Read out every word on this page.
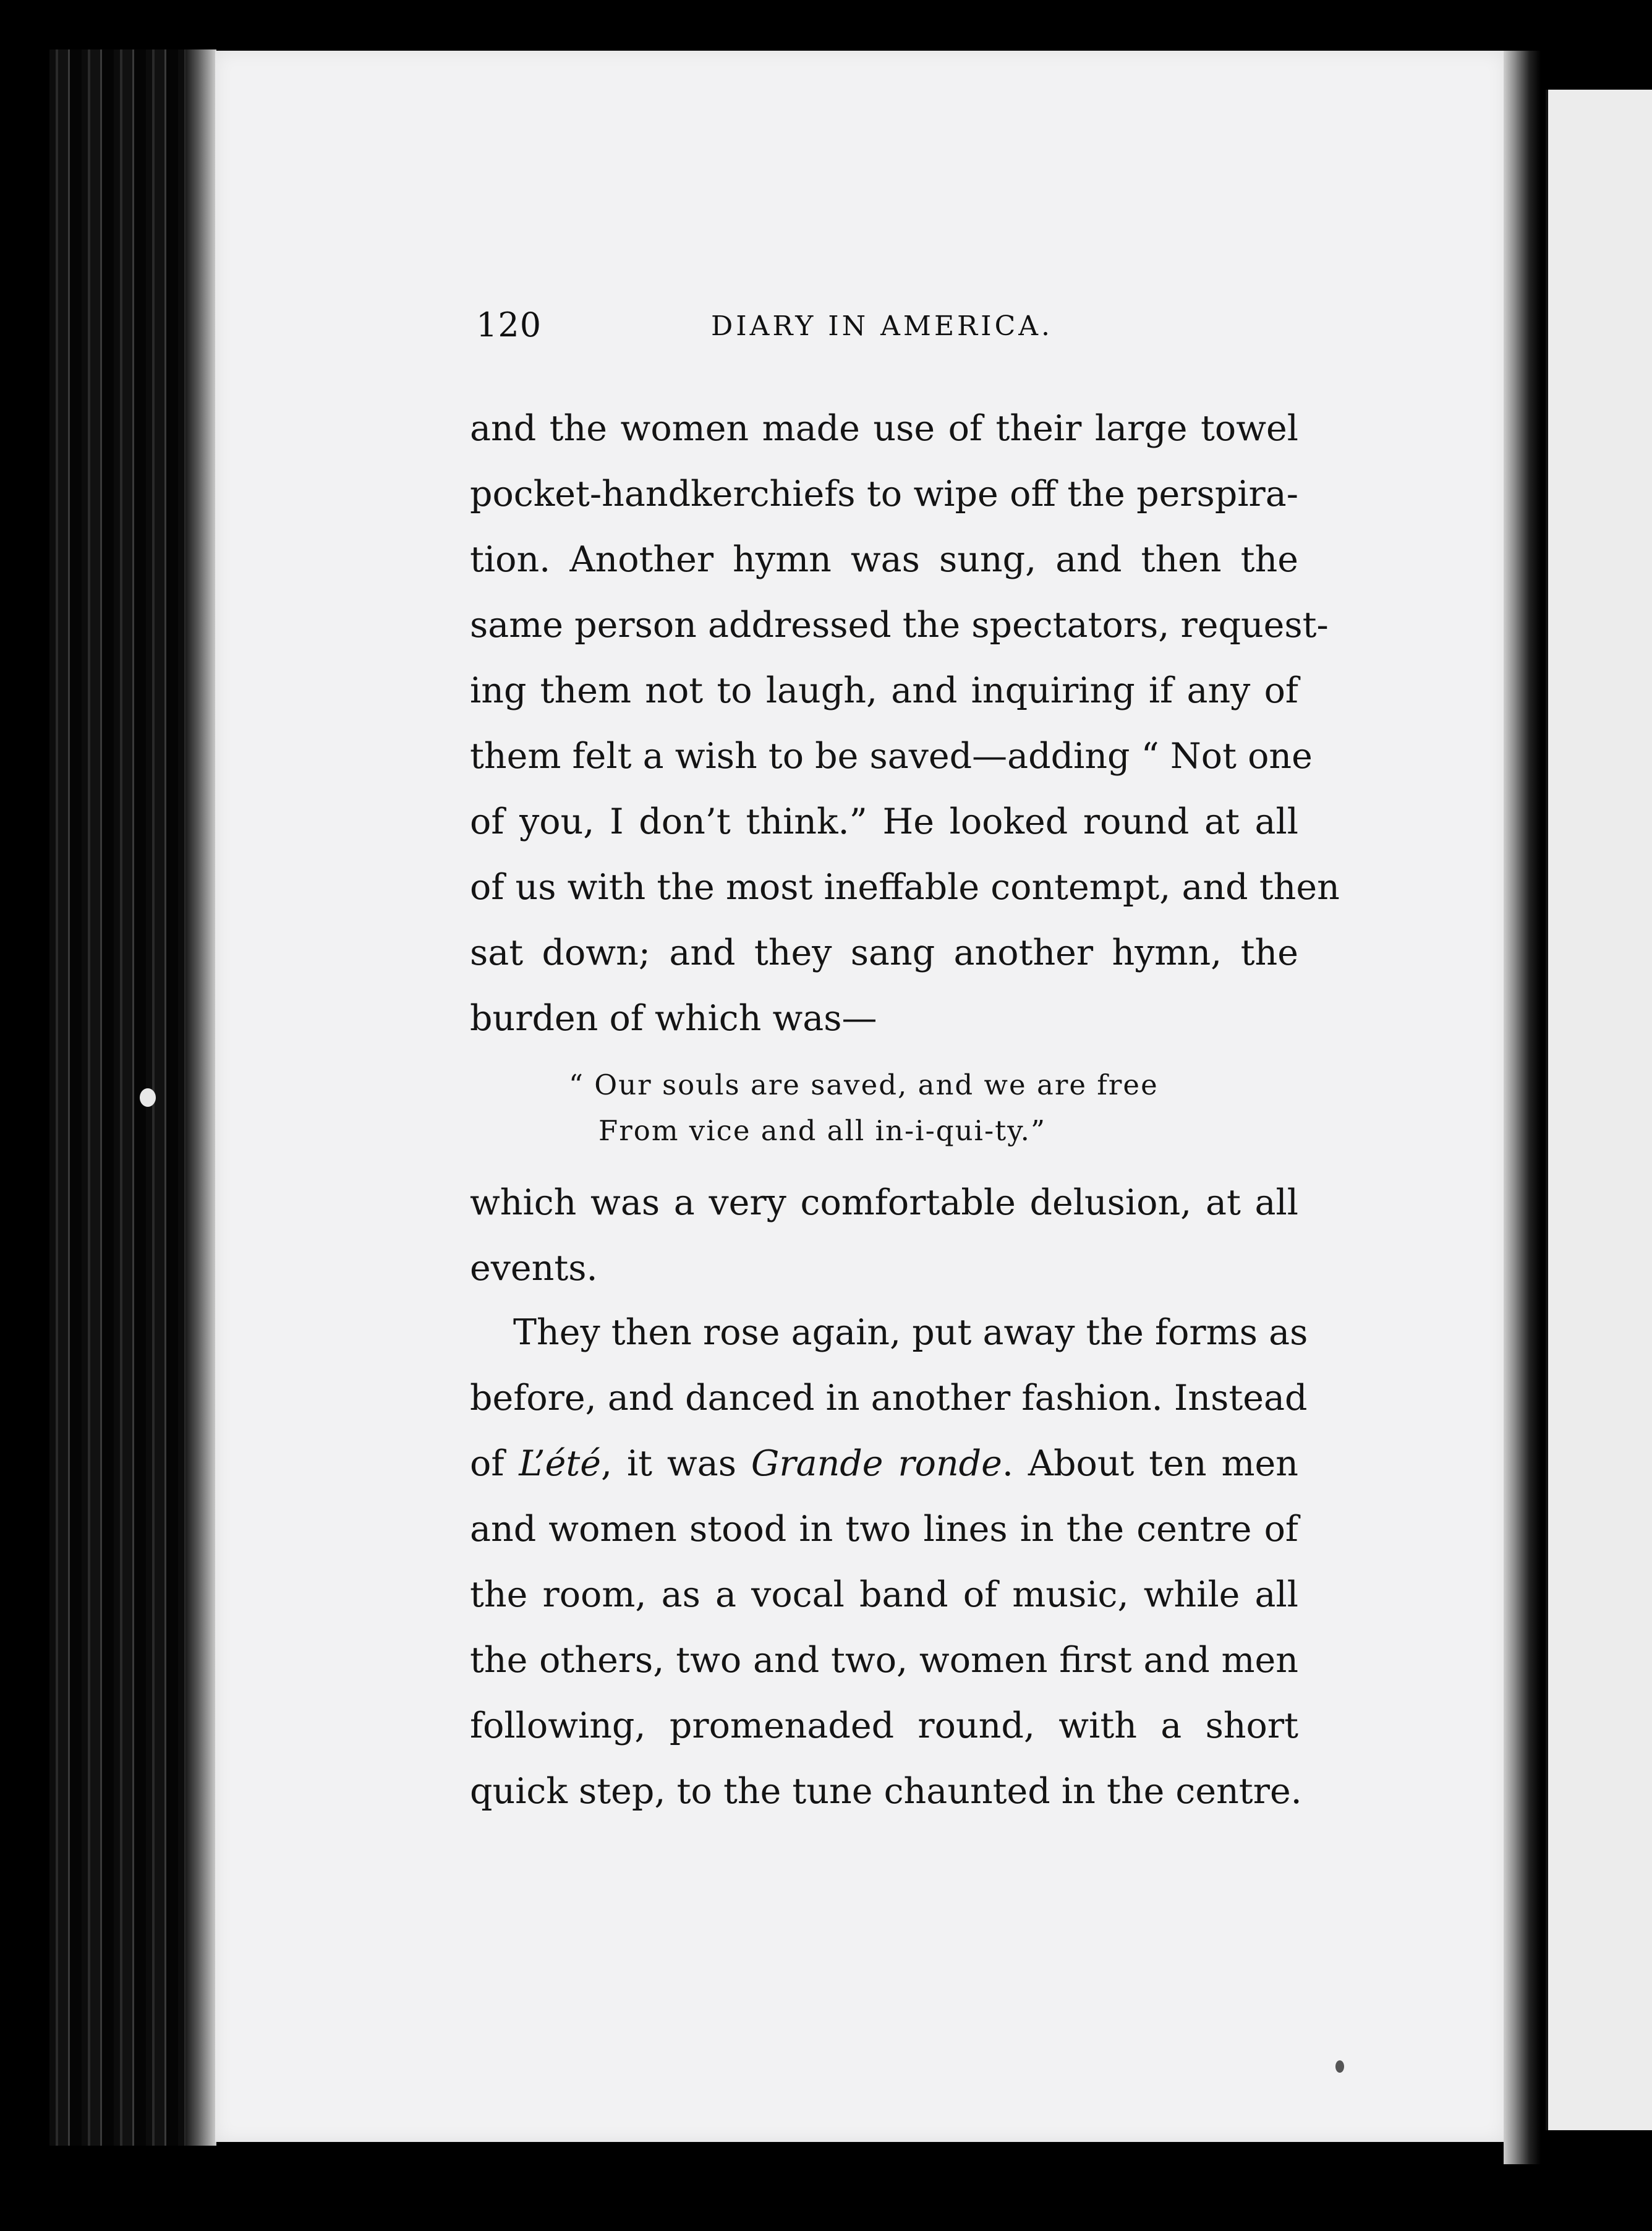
120	DIARY IN AMERICA.
and the women made use of their large towel
pocket-handkerchiefs to wipe off the perspira-
tion. Another hymn was sung, and then the
same person addressed the spectators, request-
ing them not to laugh, and inquiring if any of
them felt a wish to be saved—adding “ Not one
of you, I don’t think.” He looked round at all
of us with the most ineffable contempt, and then
sat down; and they sang another hymn, the
burden of which was—
“ Our souls are saved, and we are free
From vice and all in-i-qui-ty.”
which was a very comfortable delusion, at all
events.
They then rose again, put away the forms as
before, and danced in another fashion. Instead
of L’été, it was Grande ronde. About ten men
and women stood in two lines in the centre of
the room, as a vocal band of music, while all
the others, two and two, women first and men
following, promenaded round, with a short
quick step, to the tune chaunted in the centre.
